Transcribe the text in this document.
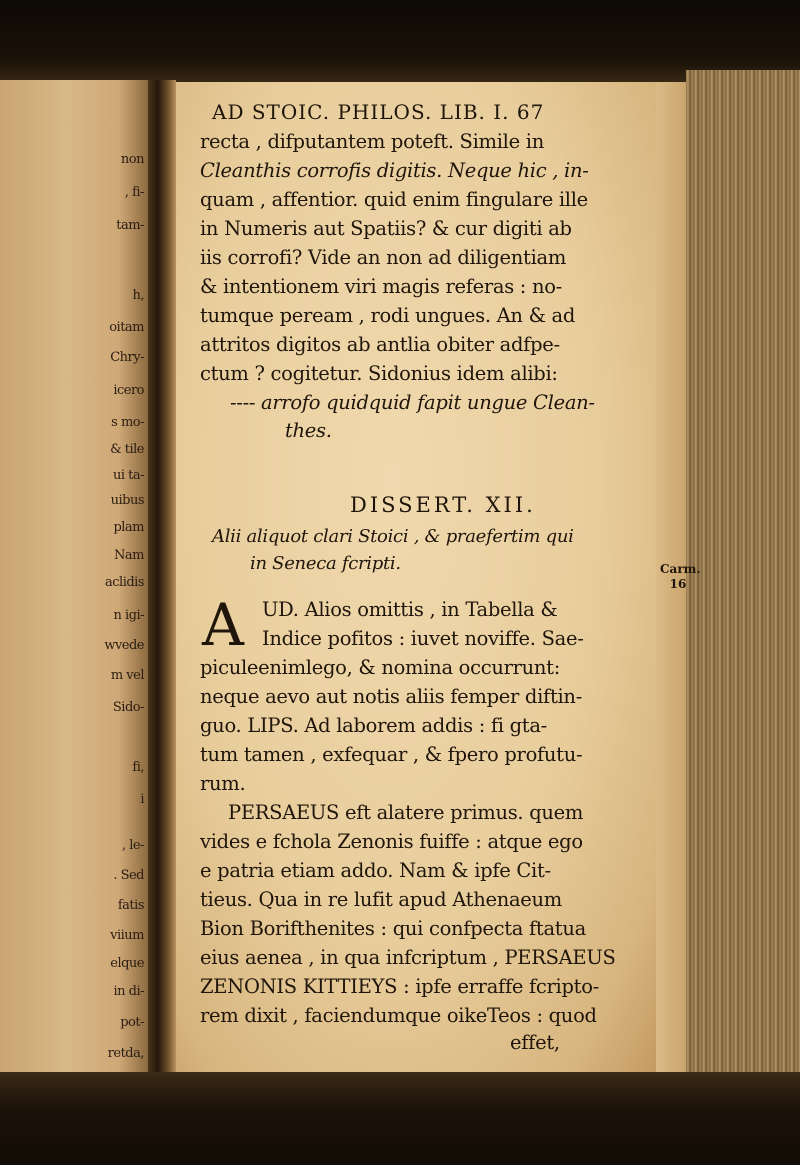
non
, fi-
tam-
h,
oitam
Chry-
icero
s mo-
& tile
ui ta-
uibus
plam
Nam
aclidis
n igi-
wvede
m vel
Sido-
fi,
i
, le-
. Sed
fatis
viium
elque
in di-
pot-
retda,
AD STOIC. PHILOS. LIB. I. 67
recta , difputantem poteft. Simile in
Cleanthis corrofis digitis. Neque hic , in-
quam , affentior. quid enim fingulare ille
in Numeris aut Spatiis? & cur digiti ab
iis corrofi? Vide an non ad diligentiam
& intentionem viri magis referas : no-
tumque peream , rodi ungues. An & ad
attritos digitos ab antlia obiter adfpe-
ctum ? cogitetur. Sidonius idem alibi:
---- arrofo quidquid fapit ungue Clean-
thes.
DISSERT. XII.
Alii aliquot clari Stoici , & praefertim qui
in Seneca fcripti.
A UD. Alios omittis , in Tabella &
Indice pofitos : iuvet noviffe. Sae-
piculeenimlego, & nomina occurrunt:
neque aevo aut notis aliis femper diftin-
guo. LIPS. Ad laborem addis : fi gta-
tum tamen , exfequar , & fpero profutu-
rum.
PERSAEUS eft alatere primus. quem
vides e fchola Zenonis fuiffe : atque ego
e patria etiam addo. Nam & ipfe Cit-
tieus. Qua in re lufit apud Athenaeum
Bion Borifthenites : qui confpecta ftatua
eius aenea , in qua infcriptum , PERSAEUS
ZENONIS KITTIEYS : ipfe erraffe fcripto-
rem dixit , faciendumque oikeTeos : quod
effet,
Carm. 16
